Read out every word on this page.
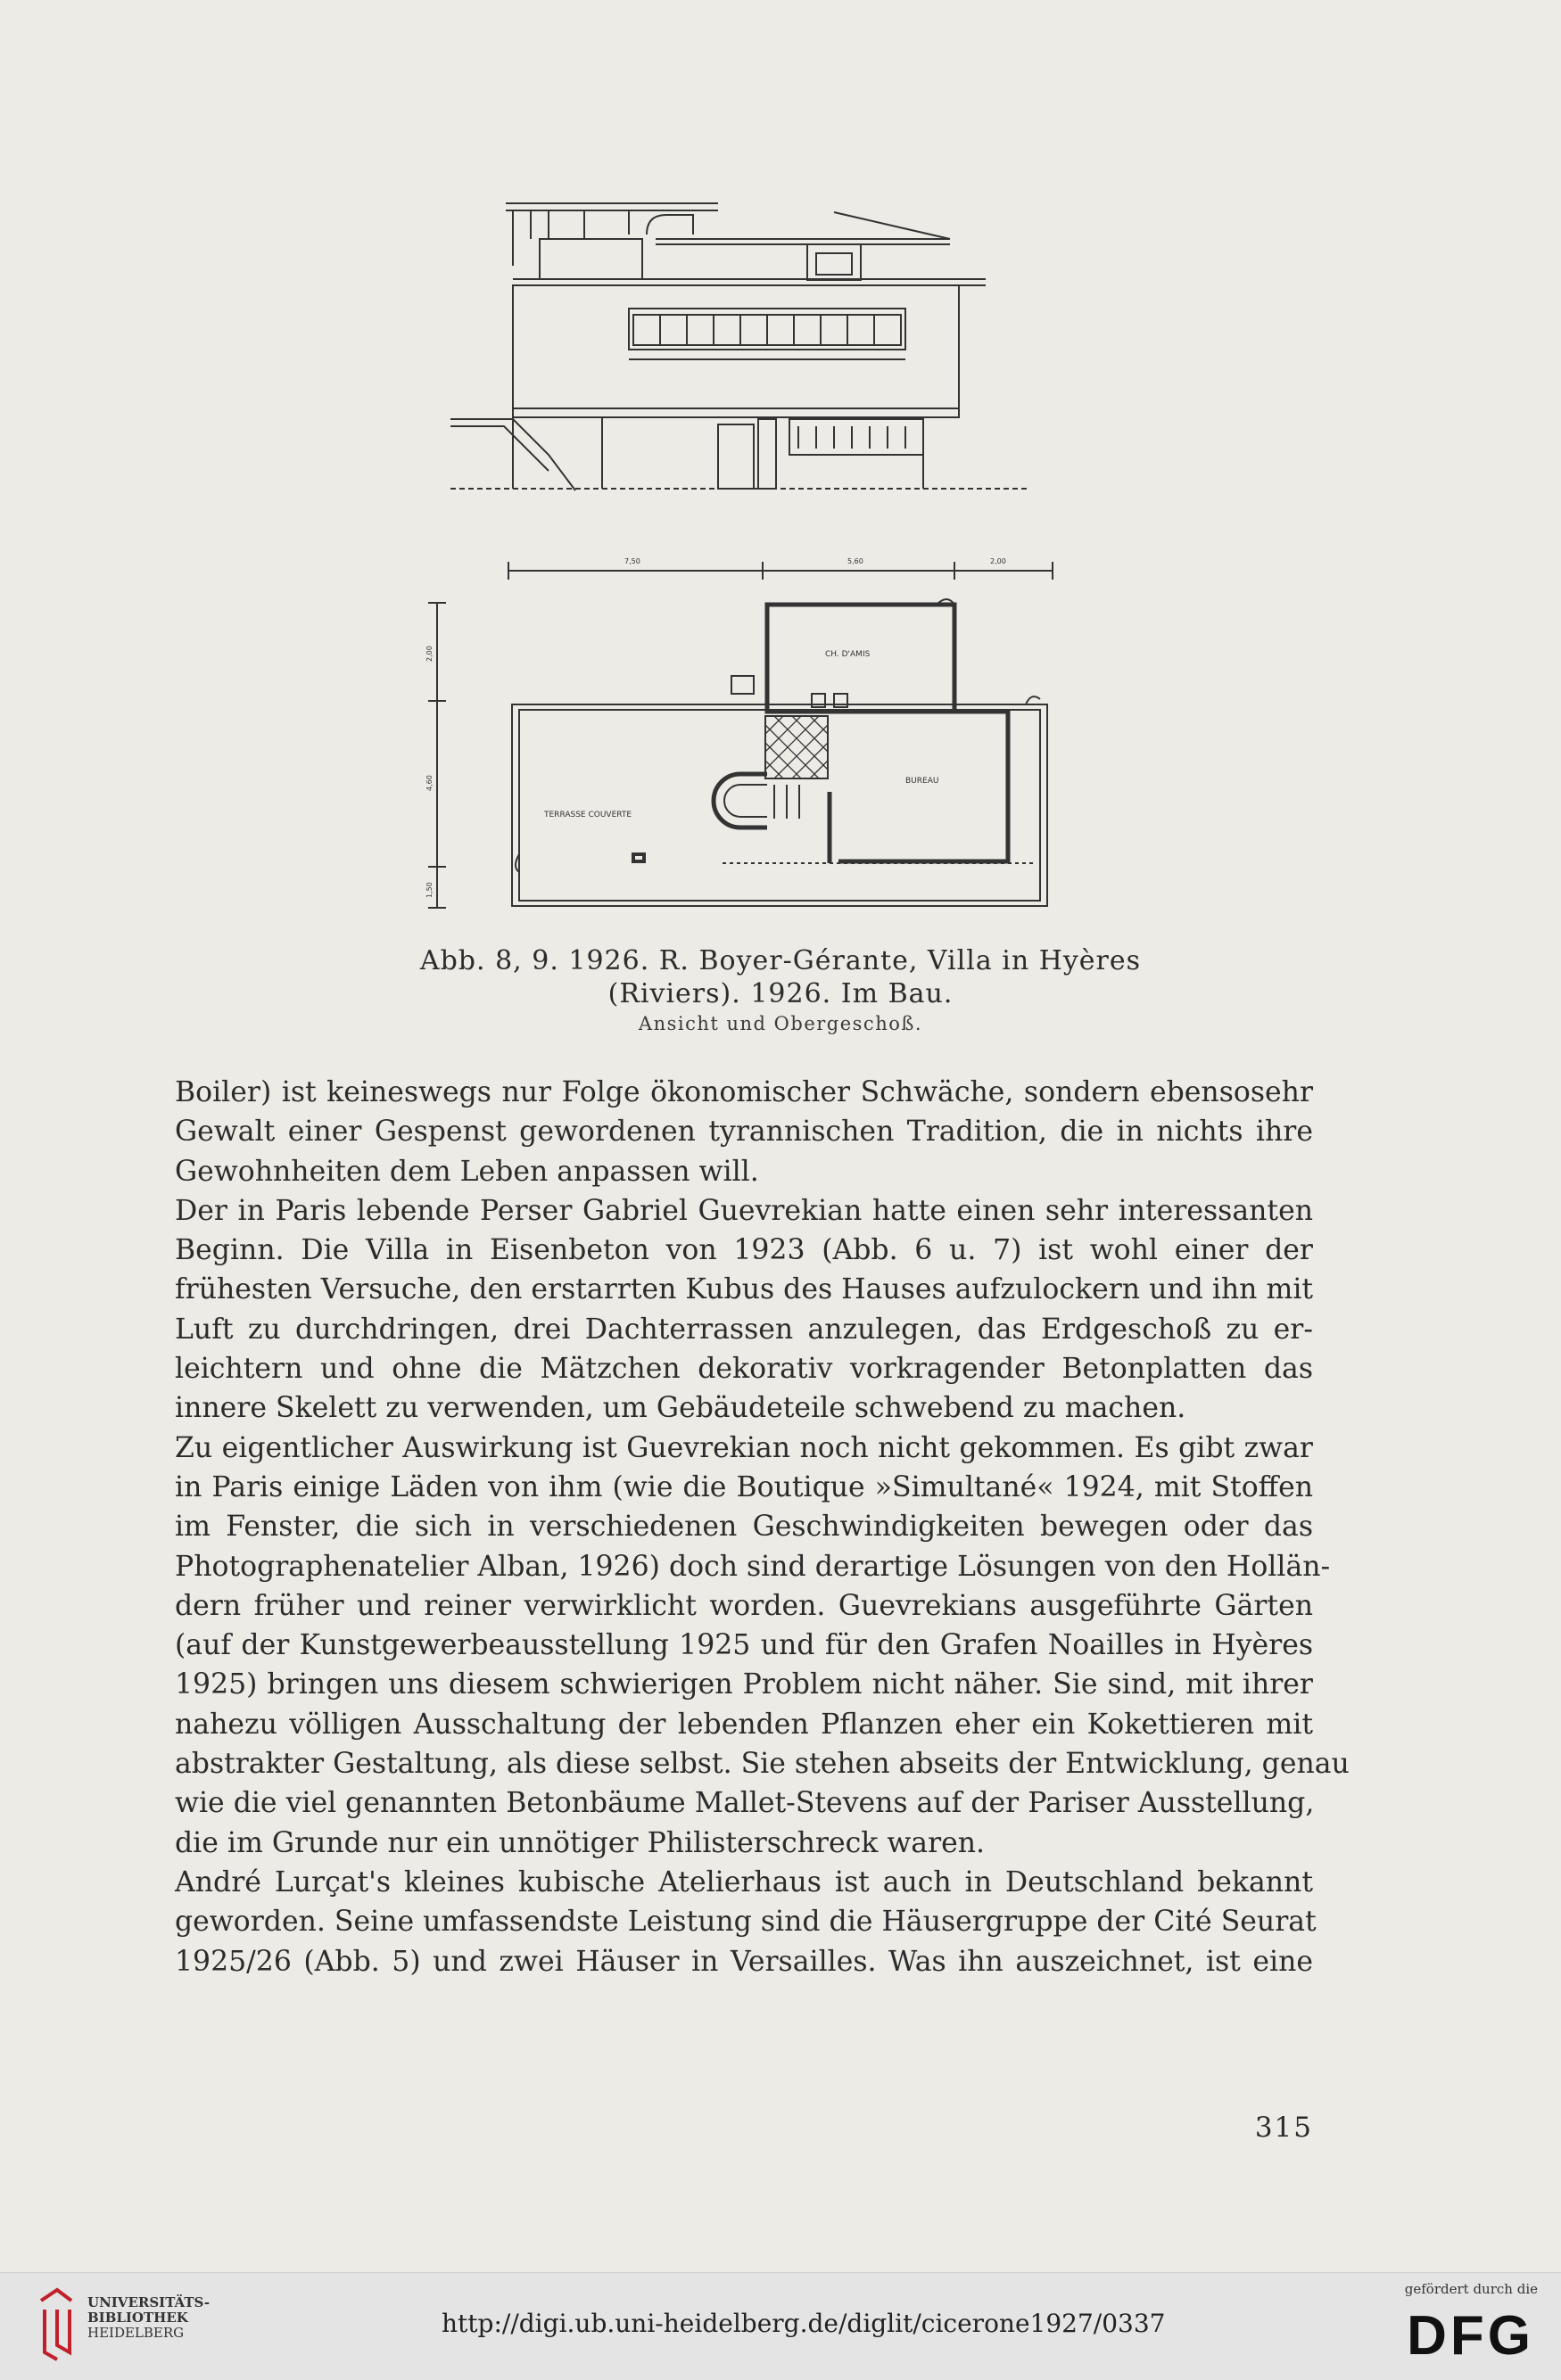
7,50	5,60	2,00
CH. D'AMIS
BUREAU
TERRASSE COUVERTE
2,00
4,60
1,50
Abb. 8, 9. 1926. R. Boyer-Gérante, Villa in Hyères
(Riviers). 1926. Im Bau.
Ansicht und Obergeschoß.
Boiler) ist keineswegs nur Folge ökonomischer Schwäche, sondern ebensosehr
Gewalt einer Gespenst gewordenen tyrannischen Tradition, die in nichts ihre
Gewohnheiten dem Leben anpassen will.
Der in Paris lebende Perser Gabriel Guevrekian hatte einen sehr interessanten
Beginn. Die Villa in Eisenbeton von 1923 (Abb. 6 u. 7) ist wohl einer der
frühesten Versuche, den erstarrten Kubus des Hauses aufzulockern und ihn mit
Luft zu durchdringen, drei Dachterrassen anzulegen, das Erdgeschoß zu er-
leichtern und ohne die Mätzchen dekorativ vorkragender Betonplatten das
innere Skelett zu verwenden, um Gebäudeteile schwebend zu machen.
Zu eigentlicher Auswirkung ist Guevrekian noch nicht gekommen. Es gibt zwar
in Paris einige Läden von ihm (wie die Boutique »Simultané« 1924, mit Stoffen
im Fenster, die sich in verschiedenen Geschwindigkeiten bewegen oder das
Photographenatelier Alban, 1926) doch sind derartige Lösungen von den Hollän-
dern früher und reiner verwirklicht worden. Guevrekians ausgeführte Gärten
(auf der Kunstgewerbeausstellung 1925 und für den Grafen Noailles in Hyères
1925) bringen uns diesem schwierigen Problem nicht näher. Sie sind, mit ihrer
nahezu völligen Ausschaltung der lebenden Pflanzen eher ein Kokettieren mit
abstrakter Gestaltung, als diese selbst. Sie stehen abseits der Entwicklung, genau
wie die viel genannten Betonbäume Mallet-Stevens auf der Pariser Ausstellung,
die im Grunde nur ein unnötiger Philisterschreck waren.
André Lurçat's kleines kubische Atelierhaus ist auch in Deutschland bekannt
geworden. Seine umfassendste Leistung sind die Häusergruppe der Cité Seurat
1925/26 (Abb. 5) und zwei Häuser in Versailles. Was ihn auszeichnet, ist eine
315
UNIVERSITÄTS-
BIBLIOTHEK
HEIDELBERG	http://digi.ub.uni-heidelberg.de/diglit/cicerone1927/0337
gefördert durch die
DFG
